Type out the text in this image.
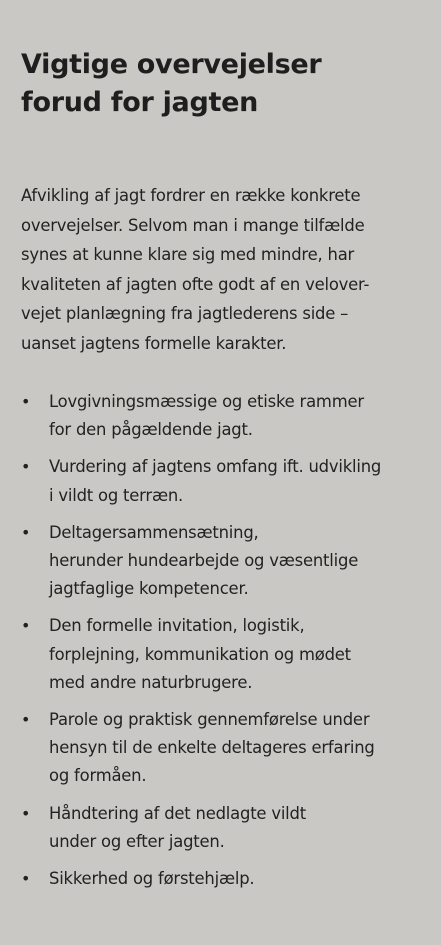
Vigtige overvejelser
forud for jagten
Afvikling af jagt fordrer en række konkrete
overvejelser. Selvom man i mange tilfælde
synes at kunne klare sig med mindre, har
kvaliteten af jagten ofte godt af en velover-
vejet planlægning fra jagtlederens side –
uanset jagtens formelle karakter.
• Lovgivningsmæssige og etiske rammer
for den pågældende jagt.
• Vurdering af jagtens omfang ift. udvikling
i vildt og terræn.
• Deltagersammensætning,
herunder hundearbejde og væsentlige
jagtfaglige kompetencer.
• Den formelle invitation, logistik,
forplejning, kommunikation og mødet
med andre naturbrugere.
• Parole og praktisk gennemførelse under
hensyn til de enkelte deltageres erfaring
og formåen.
• Håndtering af det nedlagte vildt
under og efter jagten.
• Sikkerhed og førstehjælp.
